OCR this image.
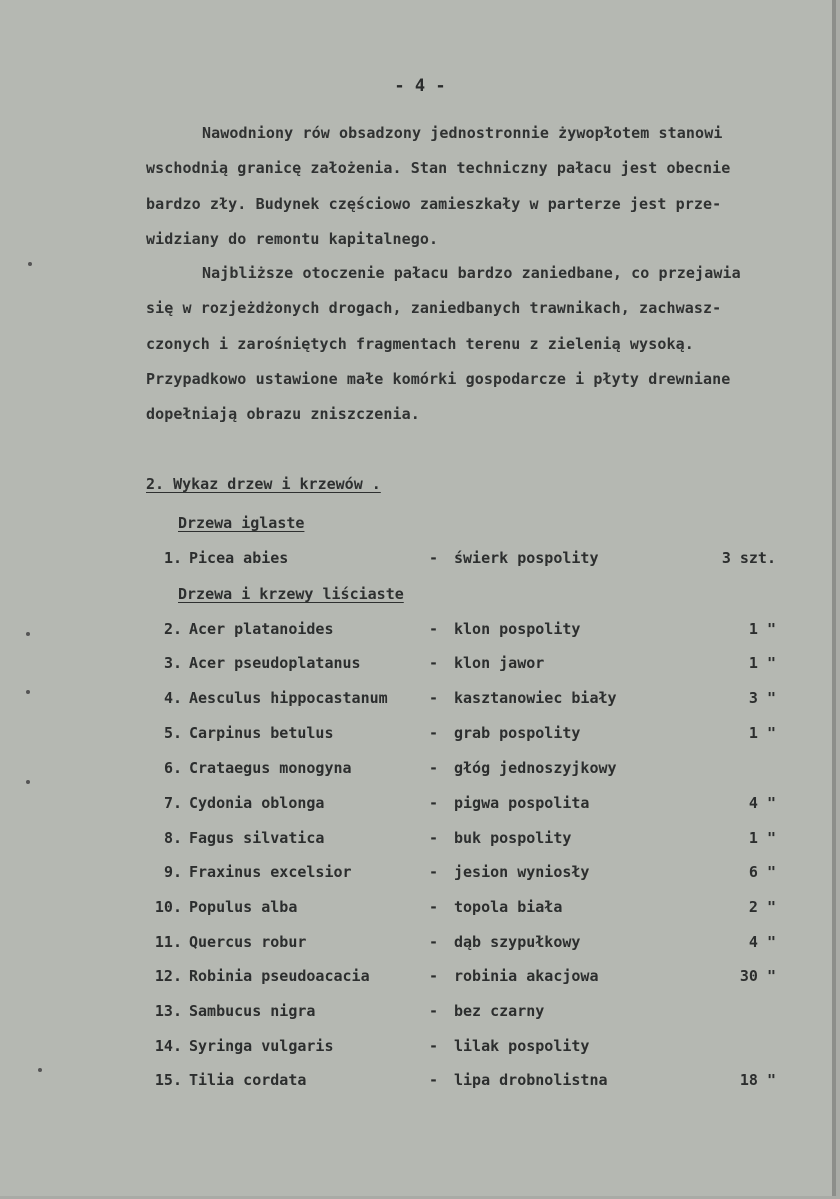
- 4 -
Nawodniony rów obsadzony jednostronnie żywopłotem stanowi
wschodnią granicę założenia. Stan techniczny pałacu jest obecnie
bardzo zły. Budynek częściowo zamieszkały w parterze jest prze-
widziany do remontu kapitalnego.
Najbliższe otoczenie pałacu bardzo zaniedbane, co przejawia
się w rozjeżdżonych drogach, zaniedbanych trawnikach, zachwasz-
czonych i zarośniętych fragmentach terenu z zielenią wysoką.
Przypadkowo ustawione małe komórki gospodarcze i płyty drewniane
dopełniają obrazu zniszczenia.
2. Wykaz drzew i krzewów .
Drzewa iglaste
1. Picea abies	- świerk pospolity	3 szt.
2. Acer platanoides	- klon pospolity	1 "
3. Acer pseudoplatanus	- klon jawor	1 "
4. Aesculus hippocastanum	- kasztanowiec biały	3 "
5. Carpinus betulus	- grab pospolity	1 "
6. Crataegus monogyna	- głóg jednoszyjkowy
7. Cydonia oblonga	- pigwa pospolita	4 "
8. Fagus silvatica	- buk pospolity	1 "
9. Fraxinus excelsior	- jesion wyniosły	6 "
10. Populus alba	- topola biała	2 "
11. Quercus robur	- dąb szypułkowy	4 "
12. Robinia pseudoacacia	- robinia akacjowa	30 "
13. Sambucus nigra	- bez czarny
14. Syringa vulgaris	- lilak pospolity
15. Tilia cordata	- lipa drobnolistna	18 "
Drzewa i krzewy liściaste
